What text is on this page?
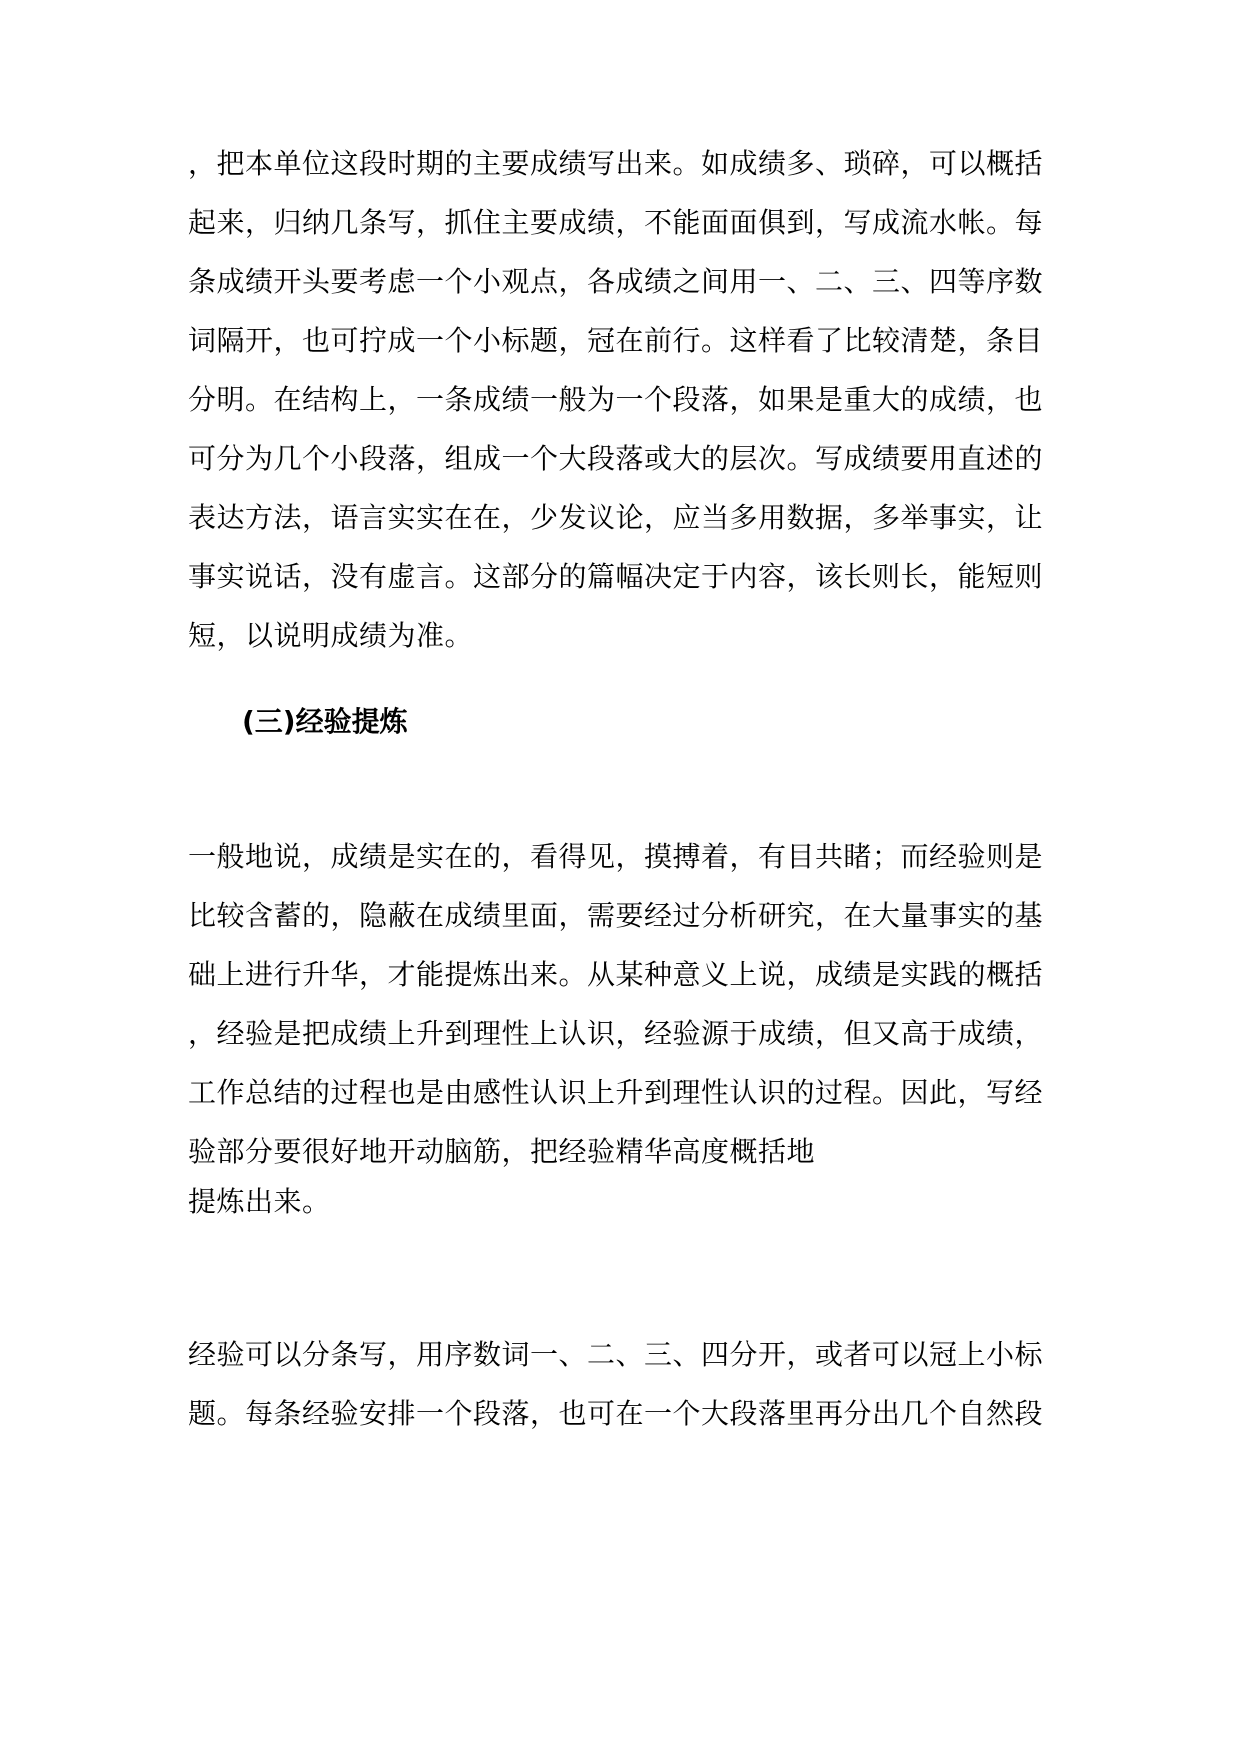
，把本单位这段时期的主要成绩写出来。如成绩多、琐碎，可以概括
起来，归纳几条写，抓住主要成绩，不能面面俱到，写成流水帐。每
条成绩开头要考虑一个小观点，各成绩之间用一、二、三、四等序数
词隔开，也可拧成一个小标题，冠在前行。这样看了比较清楚，条目
分明。在结构上，一条成绩一般为一个段落，如果是重大的成绩，也
可分为几个小段落，组成一个大段落或大的层次。写成绩要用直述的
表达方法，语言实实在在，少发议论，应当多用数据，多举事实，让
事实说话，没有虚言。这部分的篇幅决定于内容，该长则长，能短则
短，以说明成绩为准。
(三)经验提炼
一般地说，成绩是实在的，看得见，摸搏着，有目共睹；而经验则是
比较含蓄的，隐蔽在成绩里面，需要经过分析研究，在大量事实的基
础上进行升华，才能提炼出来。从某种意义上说，成绩是实践的概括
，经验是把成绩上升到理性上认识，经验源于成绩，但又高于成绩，
工作总结的过程也是由感性认识上升到理性认识的过程。因此，写经
验部分要很好地开动脑筋，把经验精华高度概括地
提炼出来。
经验可以分条写，用序数词一、二、三、四分开，或者可以冠上小标
题。每条经验安排一个段落，也可在一个大段落里再分出几个自然段
